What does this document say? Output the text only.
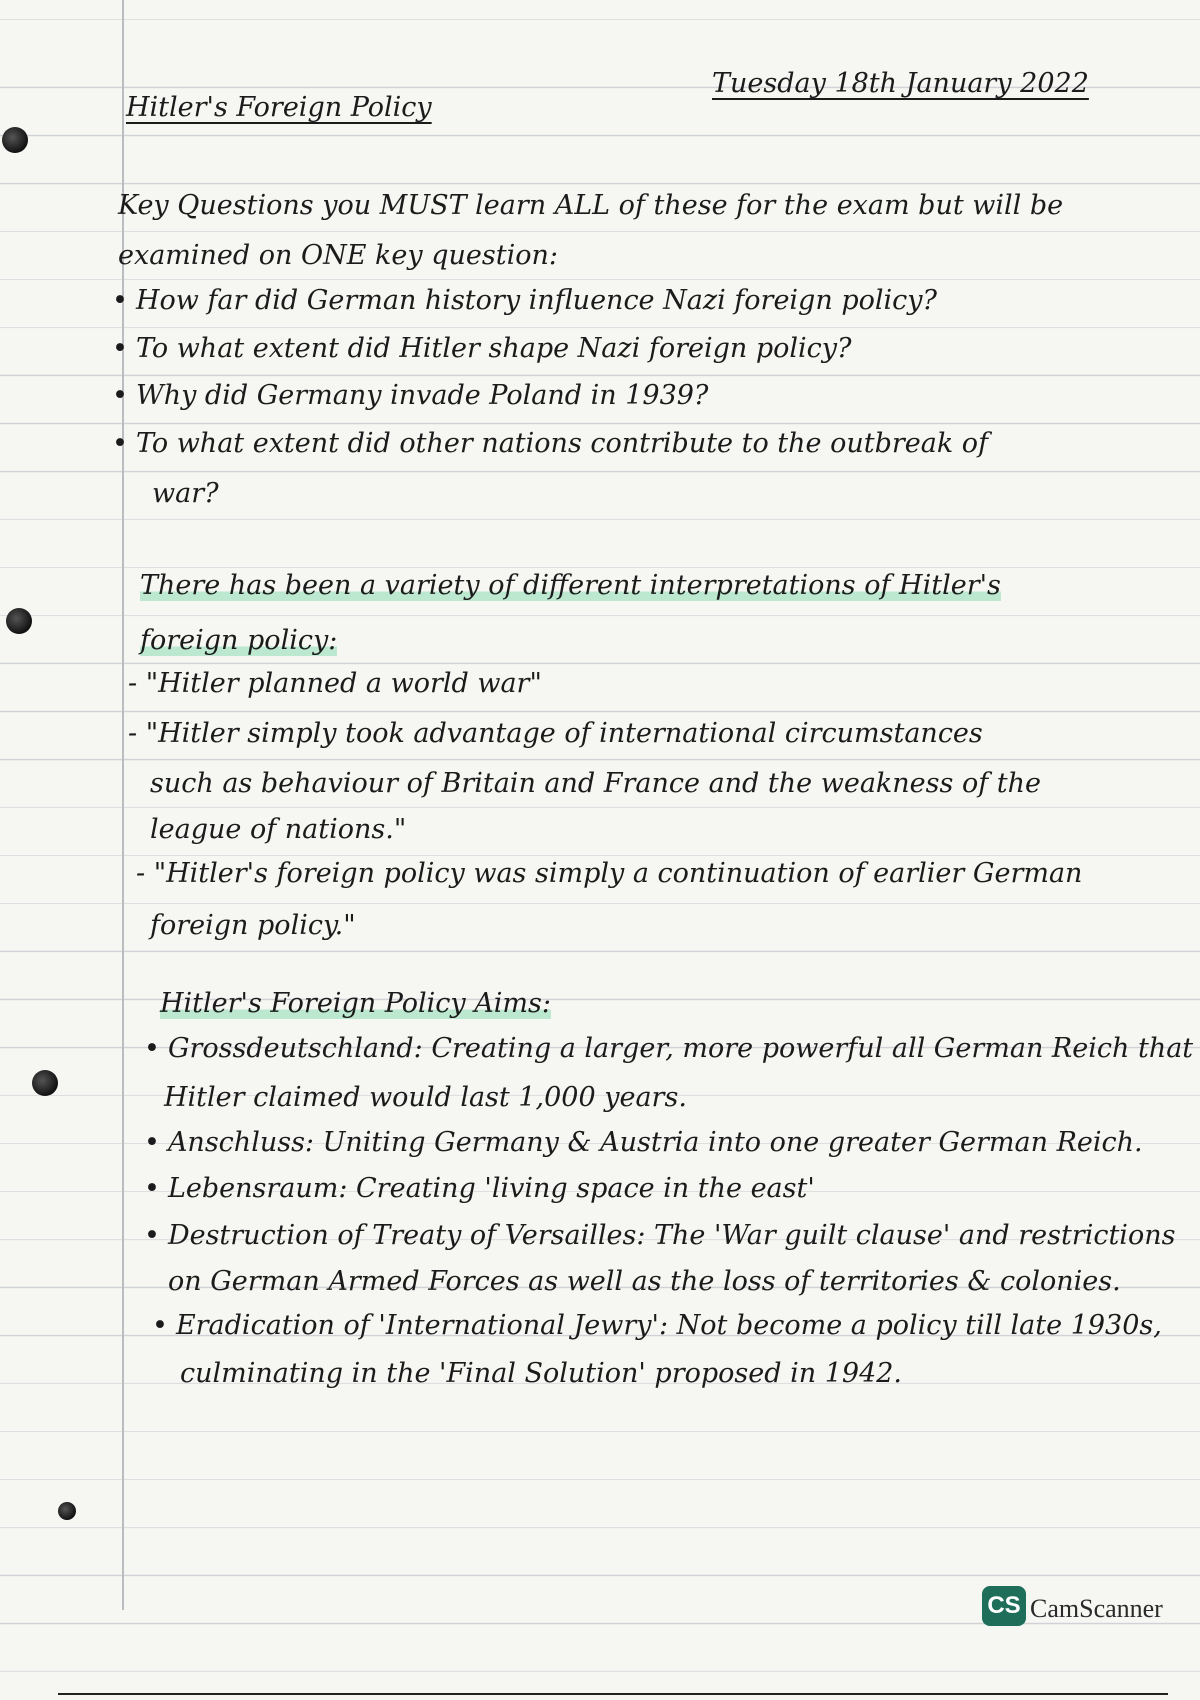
Hitler's Foreign Policy
Tuesday 18th January 2022
Key Questions you MUST learn ALL of these for the exam but will be
examined on ONE key question:
• How far did German history influence Nazi foreign policy?
• To what extent did Hitler shape Nazi foreign policy?
• Why did Germany invade Poland in 1939?
• To what extent did other nations contribute to the outbreak of
war?
There has been a variety of different interpretations of Hitler's
foreign policy:
- "Hitler planned a world war"
- "Hitler simply took advantage of international circumstances
such as behaviour of Britain and France and the weakness of the
league of nations."
- "Hitler's foreign policy was simply a continuation of earlier German
foreign policy."
Hitler's Foreign Policy Aims:
• Grossdeutschland: Creating a larger, more powerful all German Reich that
Hitler claimed would last 1,000 years.
• Anschluss: Uniting Germany & Austria into one greater German Reich.
• Lebensraum: Creating 'living space in the east'
• Destruction of Treaty of Versailles: The 'War guilt clause' and restrictions
on German Armed Forces as well as the loss of territories & colonies.
• Eradication of 'International Jewry': Not become a policy till late 1930s,
culminating in the 'Final Solution' proposed in 1942.
CS CamScanner
